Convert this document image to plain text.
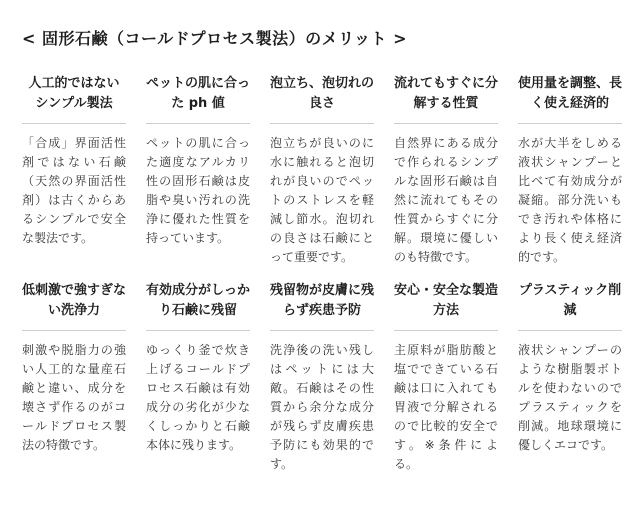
< 固形石鹸（コールドプロセス製法）のメリット >
人工的ではないシンプル製法
「合成」界面活性剤ではない石鹸（天然の界面活性剤）は古くからあるシンプルで安全な製法です。
ペットの肌に合った ph 値
ペットの肌に合った適度なアルカリ性の固形石鹸は皮脂や臭い汚れの洗浄に優れた性質を持っています。
泡立ち、泡切れの良さ
泡立ちが良いのに水に触れると泡切れが良いのでペットのストレスを軽減し節水。泡切れの良さは石鹸にとって重要です。
流れてもすぐに分解する性質
自然界にある成分で作られるシンプルな固形石鹸は自然に流れてもその性質からすぐに分解。環境に優しいのも特徴です。
使用量を調整、長く使え経済的
水が大半をしめる液状シャンプーと比べて有効成分が凝縮。部分洗いもでき汚れや体格により長く使え経済的です。
低刺激で強すぎない洗浄力
刺激や脱脂力の強い人工的な量産石鹸と違い、成分を壊さず作るのがコールドプロセス製法の特徴です。
有効成分がしっかり石鹸に残留
ゆっくり釜で炊き上げるコールドプロセス石鹸は有効成分の劣化が少なくしっかりと石鹸本体に残ります。
残留物が皮膚に残らず疾患予防
洗浄後の洗い残しはペットには大敵。石鹸はその性質から余分な成分が残らず皮膚疾患予防にも効果的です。
安心・安全な製造方法
主原料が脂肪酸と塩でできている石鹸は口に入れても胃液で分解されるので比較的安全です。※条件による。
プラスティック削減
液状シャンプーのような樹脂製ボトルを使わないのでプラスティックを削減。地球環境に優しくエコです。
